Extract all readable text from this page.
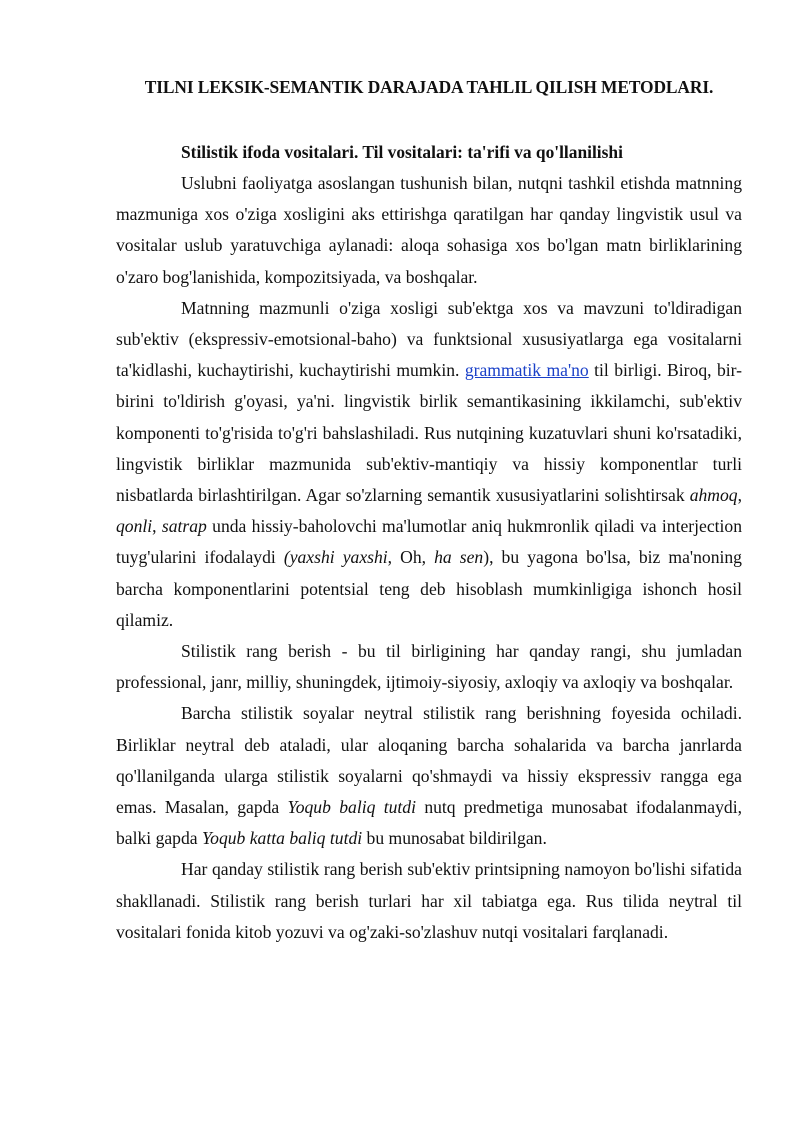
TILNI LEKSIK-SEMANTIK DARAJADA TAHLIL QILISH METODLARI.
Stilistik ifoda vositalari. Til vositalari: ta'rifi va qo'llanilishi

Uslubni faoliyatga asoslangan tushunish bilan, nutqni tashkil etishda matnning mazmuniga xos o'ziga xosligini aks ettirishga qaratilgan har qanday lingvistik usul va vositalar uslub yaratuvchiga aylanadi: aloqa sohasiga xos bo'lgan matn birliklarining o'zaro bog'lanishida, kompozitsiyada, va boshqalar.

Matnning mazmunli o'ziga xosligi sub'ektga xos va mavzuni to'ldiradigan sub'ektiv (ekspressiv-emotsional-baho) va funktsional xususiyatlarga ega vositalarni ta'kidlashi, kuchaytirishi, kuchaytirishi mumkin. grammatik ma'no til birligi. Biroq, bir-birini to'ldirish g'oyasi, ya'ni. lingvistik birlik semantikasining ikkilamchi, sub'ektiv komponenti to'g'risida to'g'ri bahslashiladi. Rus nutqining kuzatuvlari shuni ko'rsatadiki, lingvistik birliklar mazmunida sub'ektiv-mantiqiy va hissiy komponentlar turli nisbatlarda birlashtirilgan. Agar so'zlarning semantik xususiyatlarini solishtirsak ahmoq, qonli, satrap unda hissiy-baholovchi ma'lumotlar aniq hukmronlik qiladi va interjection tuyg'ularini ifodalaydi (yaxshi yaxshi, Oh, ha sen), bu yagona bo'lsa, biz ma'noning barcha komponentlarini potentsial teng deb hisoblash mumkinligiga ishonch hosil qilamiz.

Stilistik rang berish - bu til birligining har qanday rangi, shu jumladan professional, janr, milliy, shuningdek, ijtimoiy-siyosiy, axloqiy va axloqiy va boshqalar.

Barcha stilistik soyalar neytral stilistik rang berishning foyesida ochiladi. Birliklar neytral deb ataladi, ular aloqaning barcha sohalarida va barcha janrlarda qo'llanilganda ularga stilistik soyalarni qo'shmaydi va hissiy ekspressiv rangga ega emas. Masalan, gapda Yoqub baliq tutdi nutq predmetiga munosabat ifodalanmaydi, balki gapda Yoqub katta baliq tutdi bu munosabat bildirilgan.

Har qanday stilistik rang berish sub'ektiv printsipning namoyon bo'lishi sifatida shakllanadi. Stilistik rang berish turlari har xil tabiatga ega. Rus tilida neytral til vositalari fonida kitob yozuvi va og'zaki-so'zlashuv nutqi vositalari farqlanadi.
